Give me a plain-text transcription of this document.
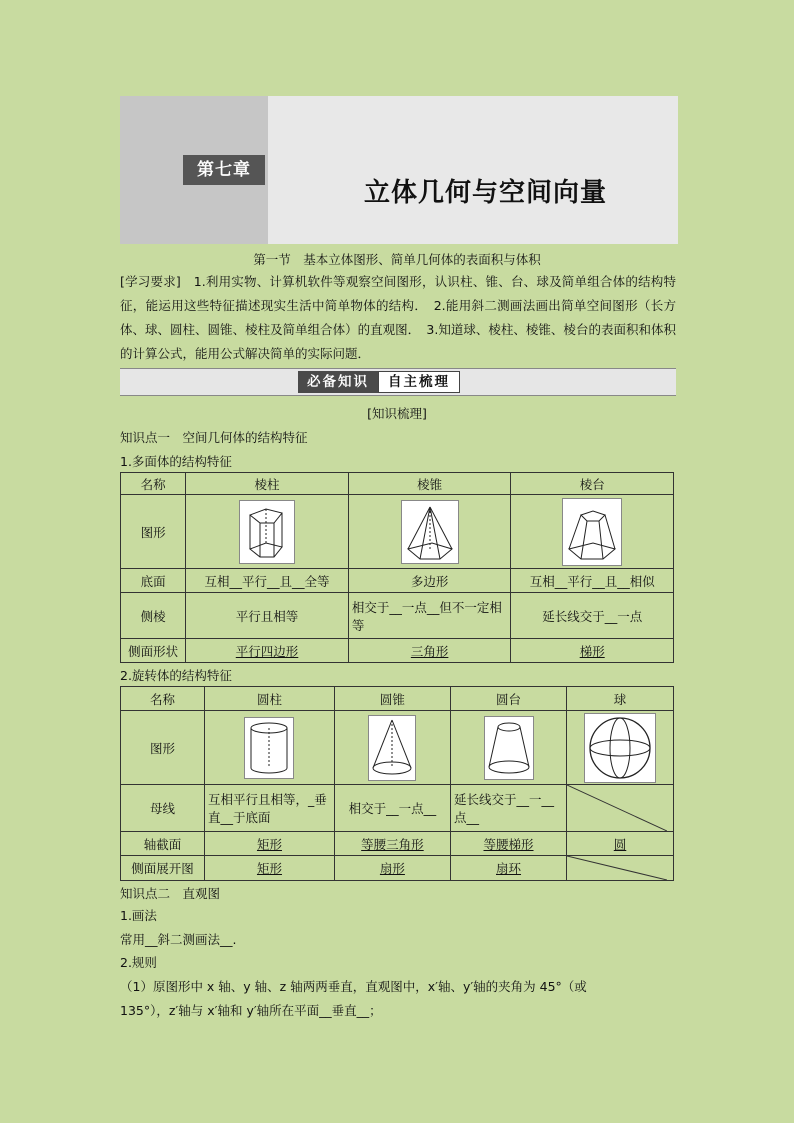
第七章
立体几何与空间向量
第一节　基本立体图形、简单几何体的表面积与体积
[学习要求]　1.利用实物、计算机软件等观察空间图形，认识柱、锥、台、球及简单组合体的结构特征，能运用这些特征描述现实生活中简单物体的结构．　2.能用斜二测画法画出简单空间图形（长方体、球、圆柱、圆锥、棱柱及简单组合体）的直观图．　3.知道球、棱柱、棱锥、棱台的表面积和体积的计算公式，能用公式解决简单的实际问题．
必备知识	自主梳理
[知识梳理]
知识点一　空间几何体的结构特征
1.多面体的结构特征
名称	棱柱	棱锥	棱台
图形			
底面	互相__平行__且__全等	多边形	互相__平行__且__相似
侧棱	平行且相等	相交于__一点__但不一定相等	延长线交于__一点
侧面形状	平行四边形	三角形	梯形
2.旋转体的结构特征
名称	圆柱	圆锥	圆台	球
图形				
母线	互相平行且相等，_垂直__于底面	相交于__一点__	延长线交于__一__点__	

轴截面	矩形	等腰三角形	等腰梯形	圆
侧面展开图	矩形	扇形	扇环	
知识点二　直观图
1.画法
常用__斜二测画法__.
2.规则
（1）原图形中 x 轴、y 轴、z 轴两两垂直，直观图中，x′轴、y′轴的夹角为 45°（或
135°），z′轴与 x′轴和 y′轴所在平面__垂直__；
